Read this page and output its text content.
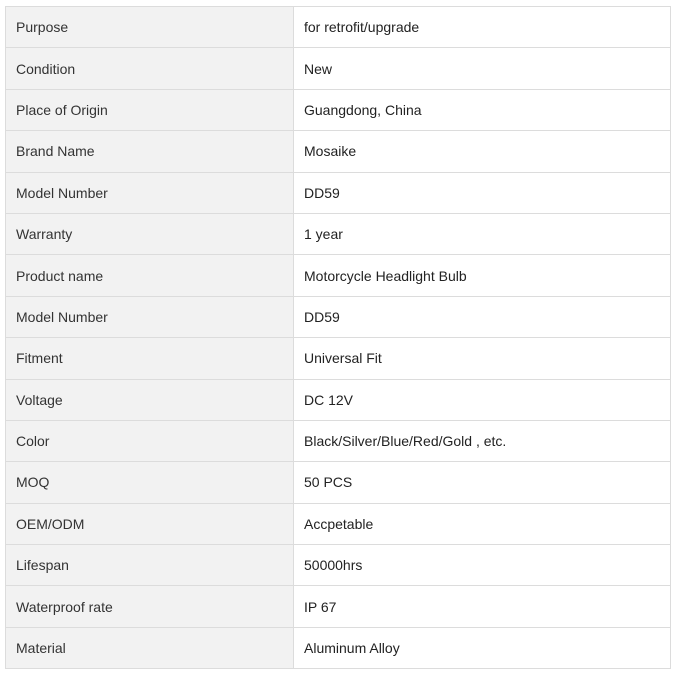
Purpose	for retrofit/upgrade
Condition	New
Place of Origin	Guangdong, China
Brand Name	Mosaike
Model Number	DD59
Warranty	1 year
Product name	Motorcycle Headlight Bulb
Model Number	DD59
Fitment	Universal Fit
Voltage	DC 12V
Color	Black/Silver/Blue/Red/Gold , etc.
MOQ	50 PCS
OEM/ODM	Accpetable
Lifespan	50000hrs
Waterproof rate	IP 67
Material	Aluminum Alloy
